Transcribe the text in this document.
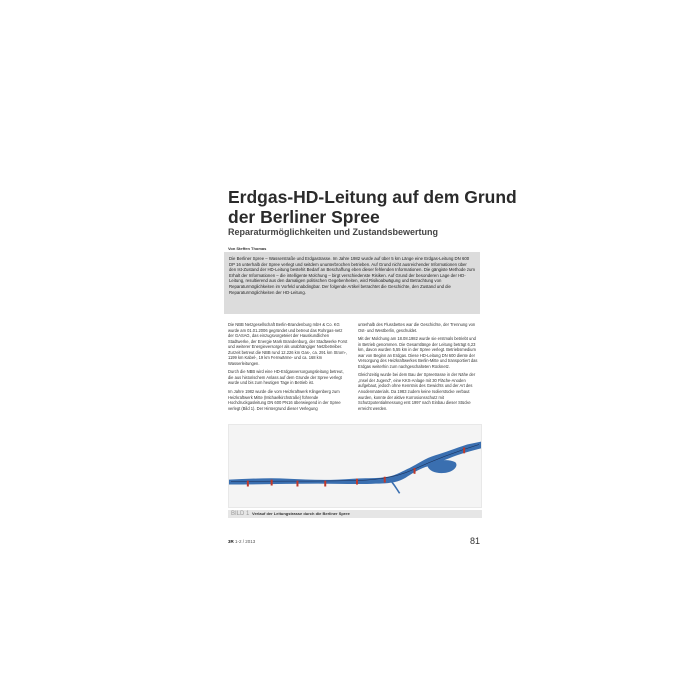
Erdgas-HD-Leitung auf dem Grund der Berliner Spree
Reparaturmöglichkeiten und Zustandsbewertung
Von Steffen Thomas
Die Berliner Spree – Wasserstraße und Erdgastrasse. Im Jahre 1982 wurde auf über 5 km Länge eine Erdgas-Leitung DN 600 DP 16 unterhalb der Spree verlegt und seitdem ununterbrochen betrieben. Auf Grund nicht ausreichender Informationen über den Ist-Zustand der HD-Leitung bestehit Bedarf an Beschaffung eben dieser fehlenden Informationen. Die gängiste Methode zum Erhalt der Informationen – die intelligente Molchung – birgt verschiedenste Risiken. Auf Grund der besonderen Lage der HD-Leitung, resultierend aus den damaligen politischen Gegebenheiten, wird Risikoabwägung und Betrachtung von Reparaturmöglichkeiten im Vorfeld unabdingbar. Der folgende Artikel betrachtet die Geschichte, den Zustand und die Reparaturmöglichkeiten der HD-Leitung.

Die NBB Netzgesellschaft Berlin-Brandenburg mbH & Co. KG wurde am 01.01.2006 gegründet und betreut das Rohrgas-netz der GASAG, das einzugsvorgeteiet der Hauskundlichen Stadtwerke, der Energie Mark Brandenburg, der Stadtwerke Forst und weiterer Energieversorger als unabhängiger Netzbetreiber. Zurzeit betreut die NBB rund 12.226 km Gas-, ca. 291 km Strom-, 1199 km Kabel-, 19 km Fernwärme- und ca. 168 km Wasserleitungen.

Durch die NBB wird eine HD-Erdgasversorgungsleitung betreut, die aus historischem Anlass auf dem Grunde der Spree verlegt wurde und bis zum heutigen Tage in Betrieb ist.

Im Jahre 1982 wurde die vom Heizkraftwerk Klingenberg zum Heizkraftwerk Mitte (Michaelkirchstraße) führende Hochdruckgasleitung DN 600 PN16 überwiegend in der Spree verlegt (Bild 1). Der Hintergrund dieser Verlegung

unterhalb des Flussbettes war die Geschichte, der Trennung von Ost- und Westberlin, geschuldet.

Mit der Molchung am 18.08.1982 wurde sie erstmals betriebt und in Betrieb genommen. Die Gesamtlänge der Leitung beträgt 6,23 km, davon wurden 5,55 km in der Spree verlegt. Betriebsmedium war von Beginn an Erdgas. Diese HD-Leitung DN 600 diente der Versorgung des Heizkraftwerkes Berlin-Mitte und transportiert das Erdgas weiterhin zum nachgeschalteten Rücknetz.

Gleichzeitig wurde bei dem Bau der Spreetrasse in der Nähe der „Insel der Jugend", eine KKS-Anlage mit 30 Fläche-Anoden aufgebaut, jedoch ohne Kenntnis des Gewichts und der Art des Anodenmaterials. Da 1983 zudem keine Isolierstücke verbaut wurden, konnte der aktive Korrosionsschutz mit Schutzpotentialmessung erst 1997 nach Einbau dieser Stücke erreicht werden.

BILD 1 Verlauf der Leitungstrasse durch die Berliner Spree
3R 1-2 / 2013	81
